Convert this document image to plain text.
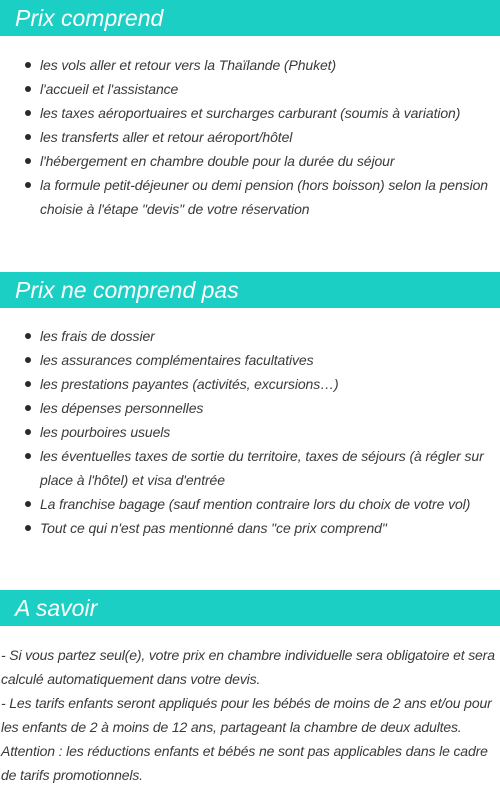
Prix comprend
les vols aller et retour vers la Thaïlande (Phuket)
l'accueil et l'assistance
les taxes aéroportuaires et surcharges carburant (soumis à variation)
les transferts aller et retour aéroport/hôtel
l'hébergement en chambre double pour la durée du séjour
la formule petit-déjeuner ou demi pension (hors boisson) selon la pension choisie à l'étape "devis" de votre réservation
Prix ne comprend pas
les frais de dossier
les assurances complémentaires facultatives
les prestations payantes (activités, excursions…)
les dépenses personnelles
les pourboires usuels
les éventuelles taxes de sortie du territoire, taxes de séjours (à régler sur place à l'hôtel) et visa d'entrée
La franchise bagage (sauf mention contraire lors du choix de votre vol)
Tout ce qui n'est pas mentionné dans "ce prix comprend"
A savoir

- Si vous partez seul(e), votre prix en chambre individuelle sera obligatoire et sera calculé automatiquement dans votre devis.

- Les tarifs enfants seront appliqués pour les bébés de moins de 2 ans et/ou pour les enfants de 2 à moins de 12 ans, partageant la chambre de deux adultes.

Attention : les réductions enfants et bébés ne sont pas applicables dans le cadre de tarifs promotionnels.
